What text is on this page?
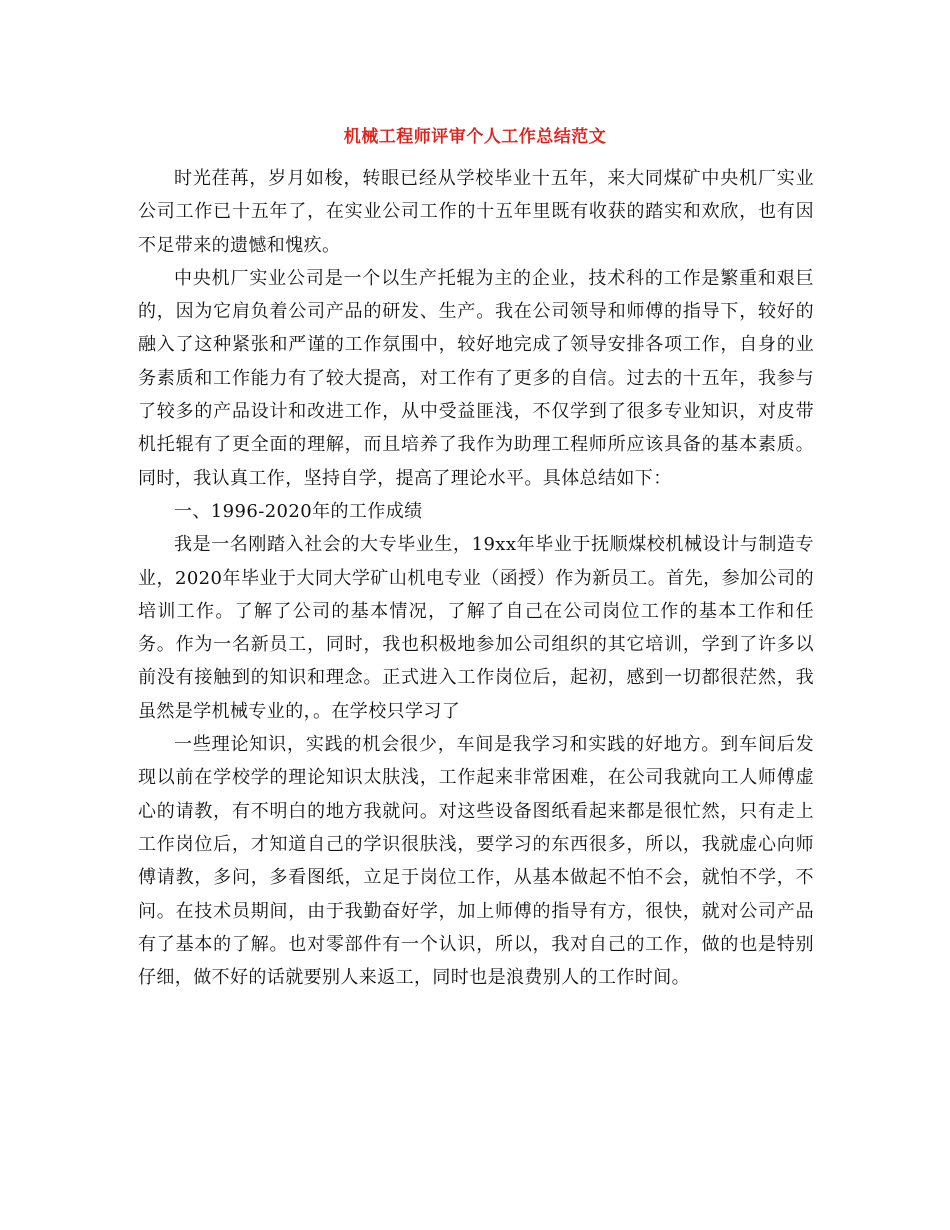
机械工程师评审个人工作总结范文

时光荏苒，岁月如梭，转眼已经从学校毕业十五年，来大同煤矿中央机厂实业公司工作已十五年了，在实业公司工作的十五年里既有收获的踏实和欢欣，也有因不足带来的遗憾和愧疚。

中央机厂实业公司是一个以生产托辊为主的企业，技术科的工作是繁重和艰巨的，因为它肩负着公司产品的研发、生产。我在公司领导和师傅的指导下，较好的融入了这种紧张和严谨的工作氛围中，较好地完成了领导安排各项工作，自身的业务素质和工作能力有了较大提高，对工作有了更多的自信。过去的十五年，我参与了较多的产品设计和改进工作，从中受益匪浅，不仅学到了很多专业知识，对皮带机托辊有了更全面的理解，而且培养了我作为助理工程师所应该具备的基本素质。同时，我认真工作，坚持自学，提高了理论水平。具体总结如下：

一、1996-2020年的工作成绩

我是一名刚踏入社会的大专毕业生，19xx年毕业于抚顺煤校机械设计与制造专业，2020年毕业于大同大学矿山机电专业（函授）作为新员工。首先，参加公司的培训工作。了解了公司的基本情况，了解了自己在公司岗位工作的基本工作和任务。作为一名新员工，同时，我也积极地参加公司组织的其它培训，学到了许多以前没有接触到的知识和理念。正式进入工作岗位后，起初，感到一切都很茫然，我虽然是学机械专业的，。在学校只学习了

一些理论知识，实践的机会很少，车间是我学习和实践的好地方。到车间后发现以前在学校学的理论知识太肤浅，工作起来非常困难，在公司我就向工人师傅虚心的请教，有不明白的地方我就问。对这些设备图纸看起来都是很忙然，只有走上工作岗位后，才知道自己的学识很肤浅，要学习的东西很多，所以，我就虚心向师傅请教，多问，多看图纸，立足于岗位工作，从基本做起不怕不会，就怕不学，不问。在技术员期间，由于我勤奋好学，加上师傅的指导有方，很快，就对公司产品有了基本的了解。也对零部件有一个认识，所以，我对自己的工作，做的也是特别仔细，做不好的话就要别人来返工，同时也是浪费别人的工作时间。
